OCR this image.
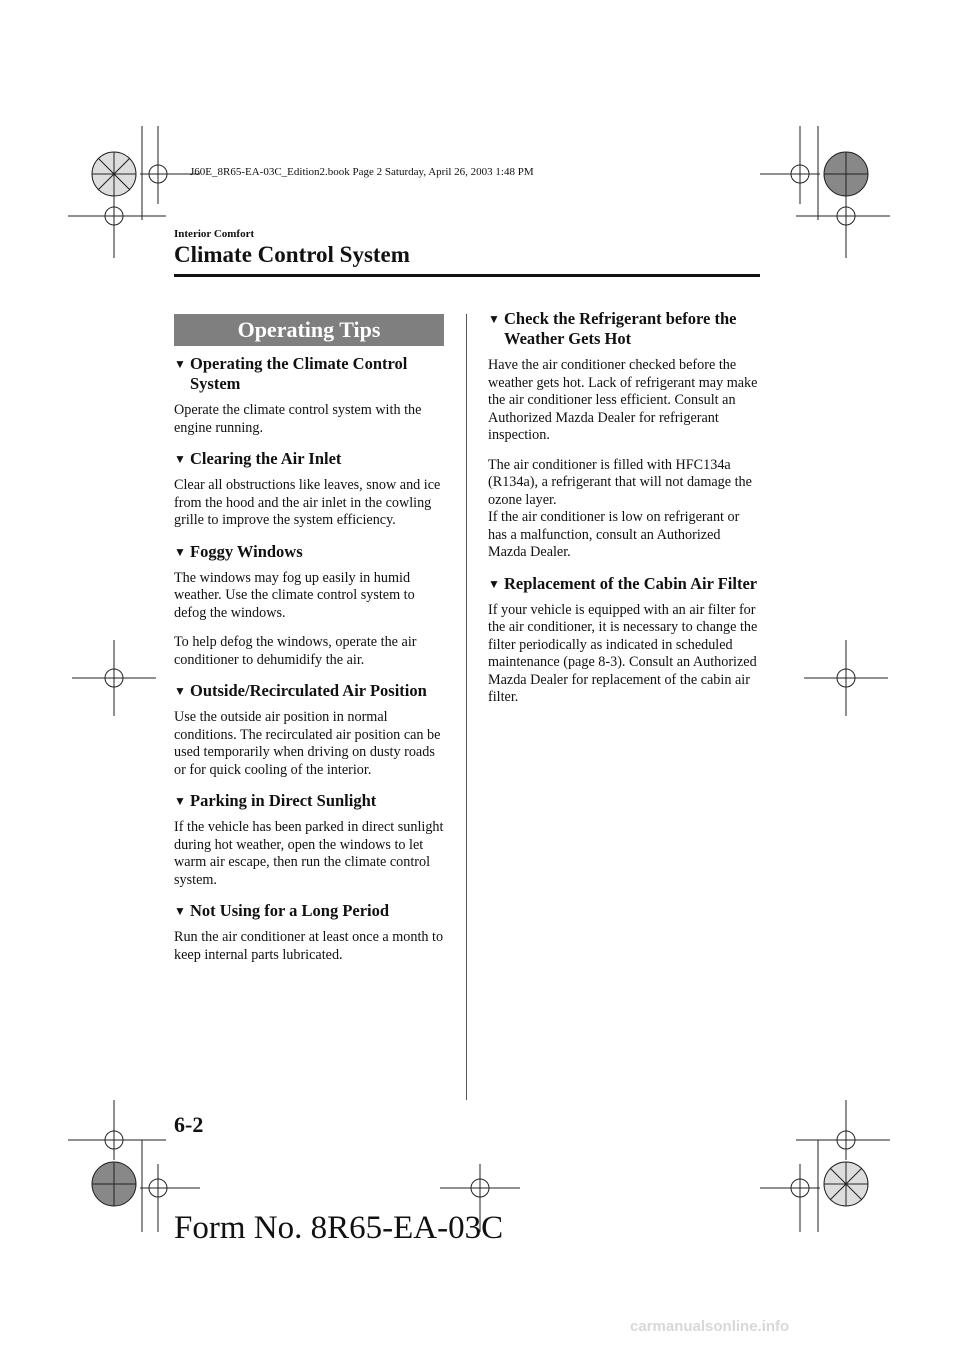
J60E_8R65-EA-03C_Edition2.book Page 2 Saturday, April 26, 2003 1:48 PM
Interior Comfort
Climate Control System
Operating Tips
▼ Operating the Climate Control System

Operate the climate control system with the engine running.

▼ Clearing the Air Inlet

Clear all obstructions like leaves, snow and ice from the hood and the air inlet in the cowling grille to improve the system efficiency.

▼ Foggy Windows

The windows may fog up easily in humid weather. Use the climate control system to defog the windows.

To help defog the windows, operate the air conditioner to dehumidify the air.

▼ Outside/Recirculated Air Position

Use the outside air position in normal conditions. The recirculated air position can be used temporarily when driving on dusty roads or for quick cooling of the interior.

▼ Parking in Direct Sunlight

If the vehicle has been parked in direct sunlight during hot weather, open the windows to let warm air escape, then run the climate control system.

▼ Not Using for a Long Period

Run the air conditioner at least once a month to keep internal parts lubricated.

▼ Check the Refrigerant before the Weather Gets Hot

Have the air conditioner checked before the weather gets hot. Lack of refrigerant may make the air conditioner less efficient. Consult an Authorized Mazda Dealer for refrigerant inspection.

The air conditioner is filled with HFC134a (R134a), a refrigerant that will not damage the ozone layer.
If the air conditioner is low on refrigerant or has a malfunction, consult an Authorized Mazda Dealer.

▼ Replacement of the Cabin Air Filter

If your vehicle is equipped with an air filter for the air conditioner, it is necessary to change the filter periodically as indicated in scheduled maintenance (page 8-3). Consult an Authorized Mazda Dealer for replacement of the cabin air filter.

6-2
Form No. 8R65-EA-03C
carmanualsonline.info
